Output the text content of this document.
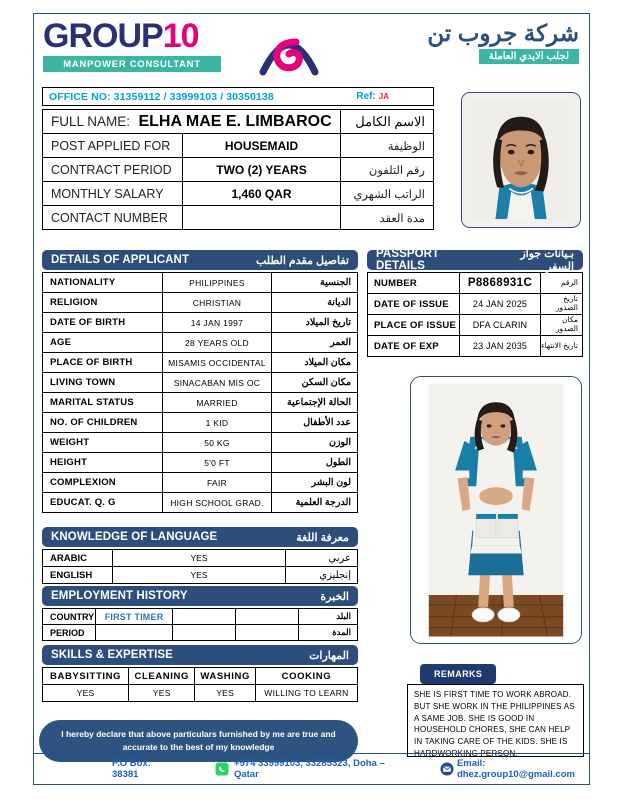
GROUP 10
MANPOWER CONSULTANT
شركة جروب تن
لجلب الايدي العاملة
OFFICE NO: 31359112 / 33999103 / 30350138	Ref: JA
FULL NAME: ELHA MAE E. LIMBAROC		الاسم الكامل
POST APPLIED FOR	HOUSEMAID	الوظيفة
CONTRACT PERIOD	TWO (2) YEARS	رقم التلفون
MONTHLY SALARY	1,460 QAR	الراتب الشهري
CONTACT NUMBER		مدة العقد
DETAILS OF APPLICANT	تفاصيل مقدم الطلب
NATIONALITY	PHILIPPINES	الجنسية
RELIGION	CHRISTIAN	الديانة
DATE OF BIRTH	14 JAN 1997	تاريخ الميلاد
AGE	28 YEARS OLD	العمر
PLACE OF BIRTH	MISAMIS OCCIDENTAL	مكان الميلاد
LIVING TOWN	SINACABAN MIS OC	مكان السكن
MARITAL STATUS	MARRIED	الحالة الإجتماعية
NO. OF CHILDREN	1 KID	عدد الأطفال
WEIGHT	50 KG	الوزن
HEIGHT	5'0 FT	الطول
COMPLEXION	FAIR	لون البشر
EDUCAT. Q. G	HIGH SCHOOL GRAD.	الدرجة العلمية
PASSPORT DETAILS
بـيانات جواز السفر
NUMBER	P8868931C	الرقم
DATE OF ISSUE	24 JAN 2025	تاريخ الصدور
PLACE OF ISSUE	DFA CLARIN	مكان الصدور
DATE OF EXP	23 JAN 2035	تاريخ الانتهاء
KNOWLEDGE OF LANGUAGE	معرفة اللغة
ARABIC	YES	عربي
ENGLISH	YES	إنجليزي
EMPLOYMENT HISTORY	الخبرة
COUNTRY	FIRST TIMER			البلد
PERIOD				المدة
SKILLS & EXPERTISE	المهارات
BABYSITTING	CLEANING	WASHING	COOKING
YES	YES	YES	WILLING TO LEARN
REMARKS
SHE IS FIRST TIME TO WORK ABROAD. BUT SHE WORK IN THE PHILIPPINES AS A SAME JOB. SHE IS GOOD IN HOUSEHOLD CHORES, SHE CAN HELP IN TAKING CARE OF THE KIDS. SHE IS HARDWORKING PERSON.
I hereby declare that above particulars furnished by me are true and accurate to the best of my knowledge
P.O Box: 38381
+974 33999103, 33285323, Doha – Qatar
Email: dhez.group10@gmail.com
